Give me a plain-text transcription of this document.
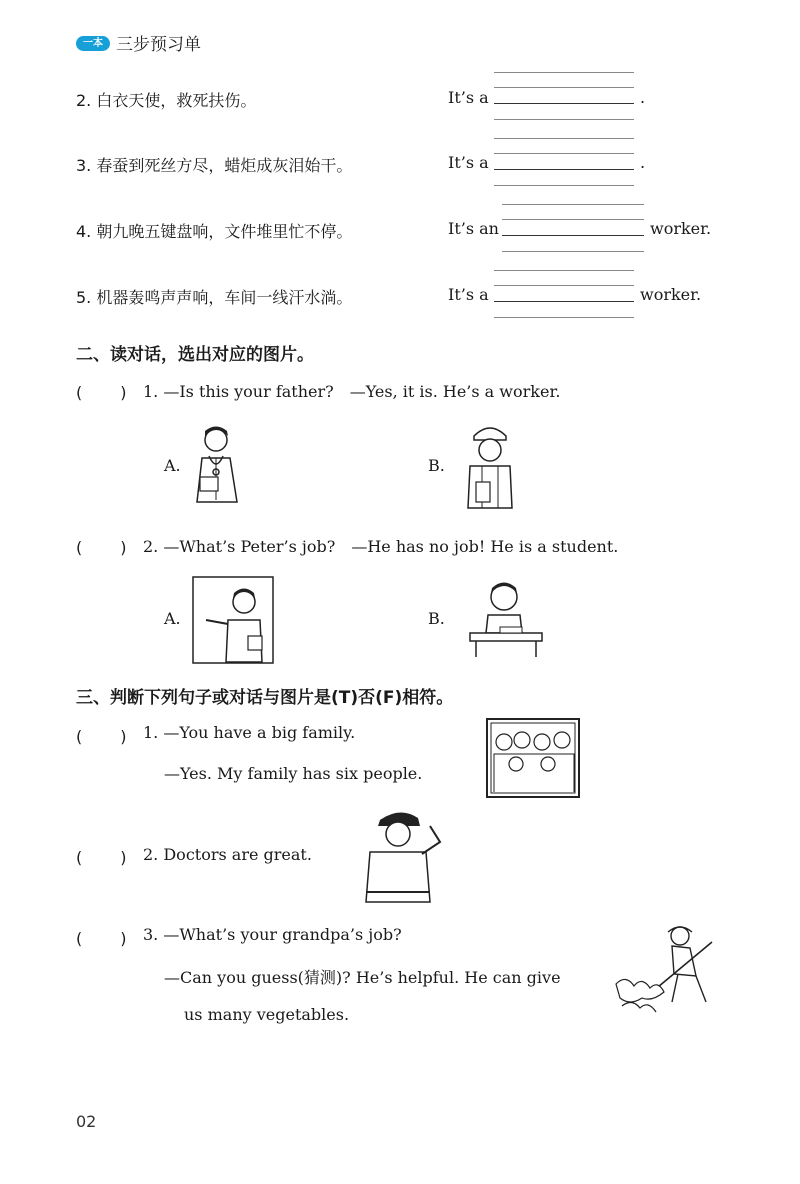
一本 三步预习单
2. 白衣天使，救死扶伤。	It’s a	.
3. 春蚕到死丝方尽，蜡炬成灰泪始干。	It’s a	.
4. 朝九晚五键盘响，文件堆里忙不停。	It’s an	worker.
5. 机器轰鸣声声响，车间一线汗水淌。	It’s a	worker.
二、读对话，选出对应的图片。
(　　) 1. —Is this your father?　—Yes, it is. He’s a worker.
A.	B.
(　　) 2. —What’s Peter’s job?　—He has no job! He is a student.
A.	B.
三、判断下列句子或对话与图片是(T)否(F)相符。
(　　) 1. —You have a big family.
—Yes. My family has six people.
(　　) 2. Doctors are great.
(　　) 3. —What’s your grandpa’s job?
—Can you guess(猜测)? He’s helpful. He can give
us many vegetables.
02
